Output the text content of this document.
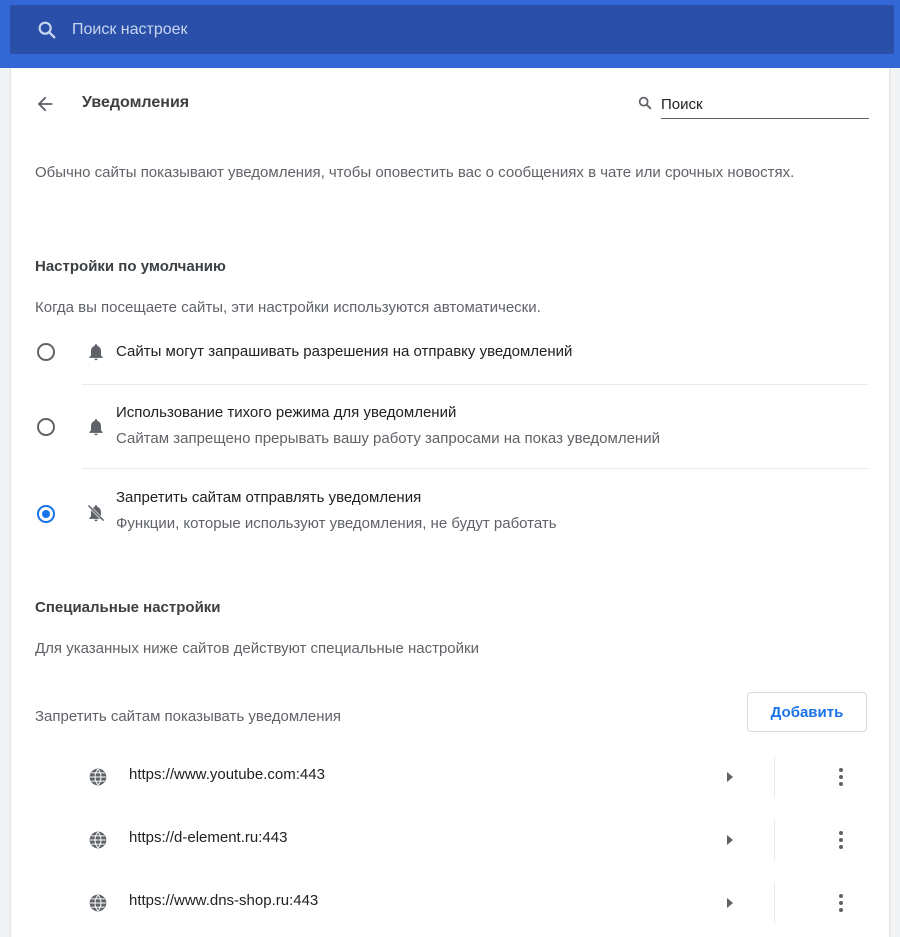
Поиск настроек
Уведомления	Поиск
Обычно сайты показывают уведомления, чтобы оповестить вас о сообщениях в чате или срочных новостях.
Настройки по умолчанию
Когда вы посещаете сайты, эти настройки используются автоматически.
Сайты могут запрашивать разрешения на отправку уведомлений
Использование тихого режима для уведомлений
Сайтам запрещено прерывать вашу работу запросами на показ уведомлений
Запретить сайтам отправлять уведомления
Функции, которые используют уведомления, не будут работать
Специальные настройки
Для указанных ниже сайтов действуют специальные настройки
Запретить сайтам показывать уведомления	Добавить
https://www.youtube.com:443
https://d-element.ru:443
https://www.dns-shop.ru:443
